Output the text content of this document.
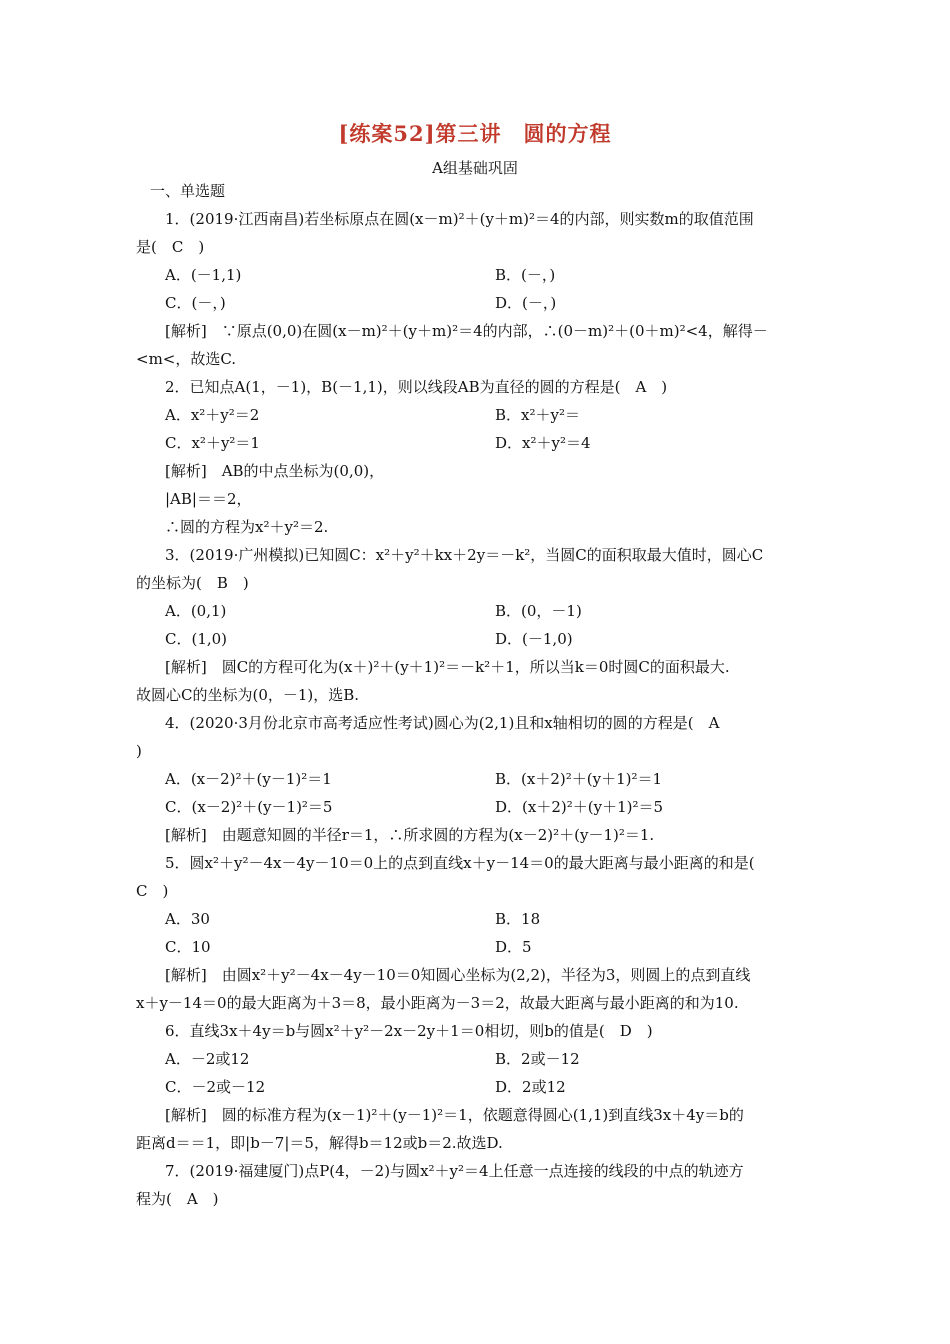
[练案52]第三讲　圆的方程
A组基础巩固
一、单选题
1．(2019·江西南昌)若坐标原点在圆(x－m)²＋(y＋m)²＝4的内部，则实数m的取值范围
是(　C　)
A．(－1,1)	B．(－，)
C．(－，)	D．(－，)
[解析]　∵原点(0,0)在圆(x－m)²＋(y＋m)²＝4的内部，∴(0－m)²＋(0＋m)²<4，解得－
<m<，故选C.
2．已知点A(1，－1)，B(－1,1)，则以线段AB为直径的圆的方程是(　A　)
A．x²＋y²＝2	B．x²＋y²＝
C．x²＋y²＝1	D．x²＋y²＝4
[解析]　AB的中点坐标为(0,0)，
|AB|＝＝2，
∴圆的方程为x²＋y²＝2.
3．(2019·广州模拟)已知圆C：x²＋y²＋kx＋2y＝－k²，当圆C的面积取最大值时，圆心C
的坐标为(　B　)
A．(0,1)	B．(0，－1)
C．(1,0)	D．(－1,0)
[解析]　圆C的方程可化为(x＋)²＋(y＋1)²＝－k²＋1，所以当k＝0时圆C的面积最大.
故圆心C的坐标为(0，－1)，选B.
4．(2020·3月份北京市高考适应性考试)圆心为(2,1)且和x轴相切的圆的方程是(　A
)
A．(x－2)²＋(y－1)²＝1	B．(x＋2)²＋(y＋1)²＝1
C．(x－2)²＋(y－1)²＝5	D．(x＋2)²＋(y＋1)²＝5
[解析]　由题意知圆的半径r＝1，∴所求圆的方程为(x－2)²＋(y－1)²＝1.
5．圆x²＋y²－4x－4y－10＝0上的点到直线x＋y－14＝0的最大距离与最小距离的和是(
C　)
A．30	B．18
C．10	D．5
[解析]　由圆x²＋y²－4x－4y－10＝0知圆心坐标为(2,2)，半径为3，则圆上的点到直线
x＋y－14＝0的最大距离为＋3＝8，最小距离为－3＝2，故最大距离与最小距离的和为10.
6．直线3x＋4y＝b与圆x²＋y²－2x－2y＋1＝0相切，则b的值是(　D　)
A．－2或12	B．2或－12
C．－2或－12	D．2或12
[解析]　圆的标准方程为(x－1)²＋(y－1)²＝1，依题意得圆心(1,1)到直线3x＋4y＝b的
距离d＝＝1，即|b－7|＝5，解得b＝12或b＝2.故选D.
7．(2019·福建厦门)点P(4，－2)与圆x²＋y²＝4上任意一点连接的线段的中点的轨迹方
程为(　A　)
